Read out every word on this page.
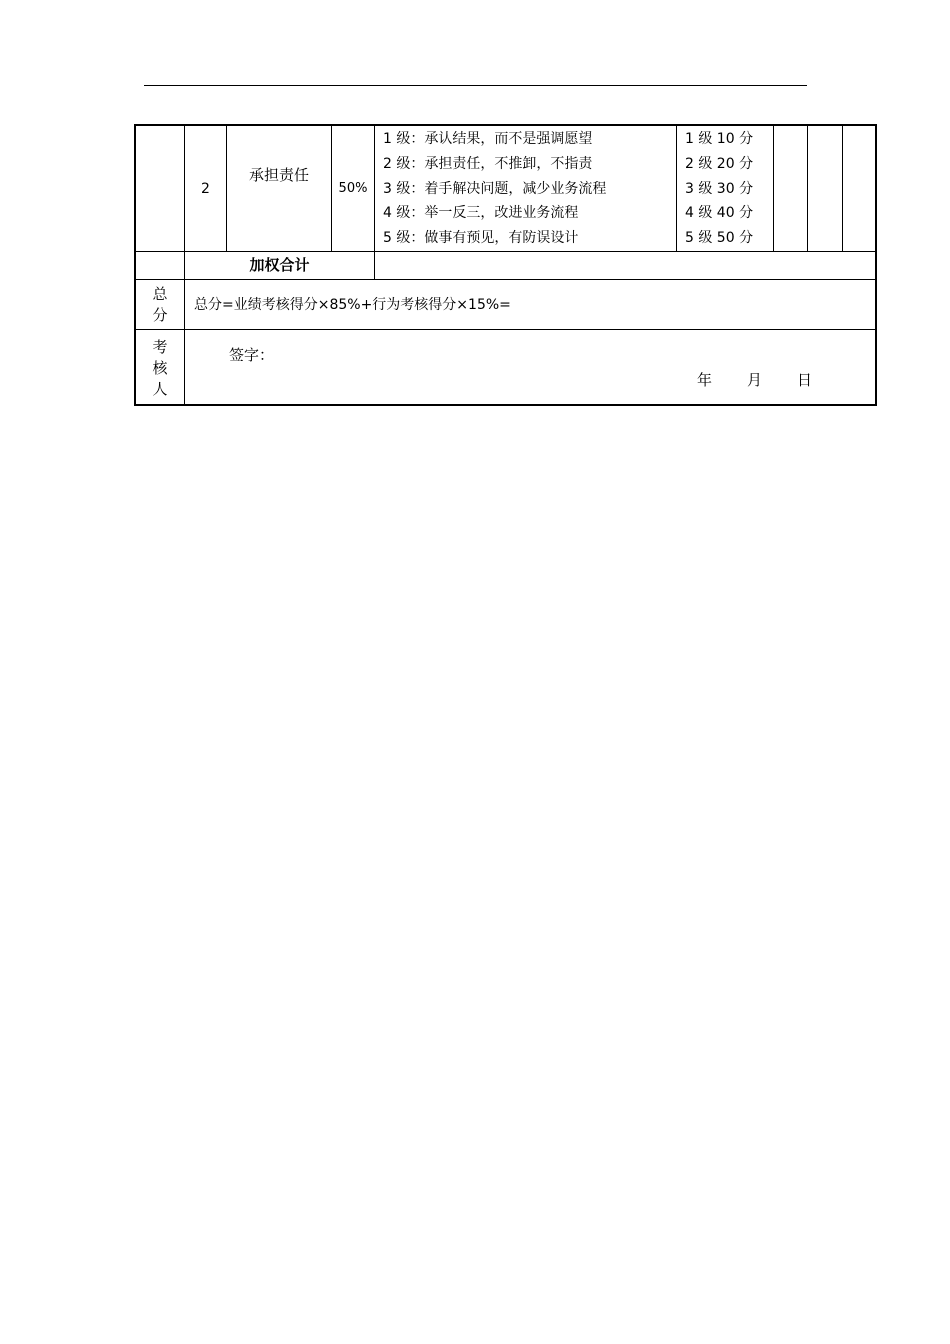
2
承担责任
50%
1 级：承认结果，而不是强调愿望
2 级：承担责任，不推卸，不指责
3 级：着手解决问题，减少业务流程
4 级：举一反三，改进业务流程
5 级：做事有预见，有防误设计
1 级 10 分
2 级 20 分
3 级 30 分
4 级 40 分
5 级 50 分
加权合计
总
分
总分=业绩考核得分×85%+行为考核得分×15%=
考
核
人
签字：
年 月 日
